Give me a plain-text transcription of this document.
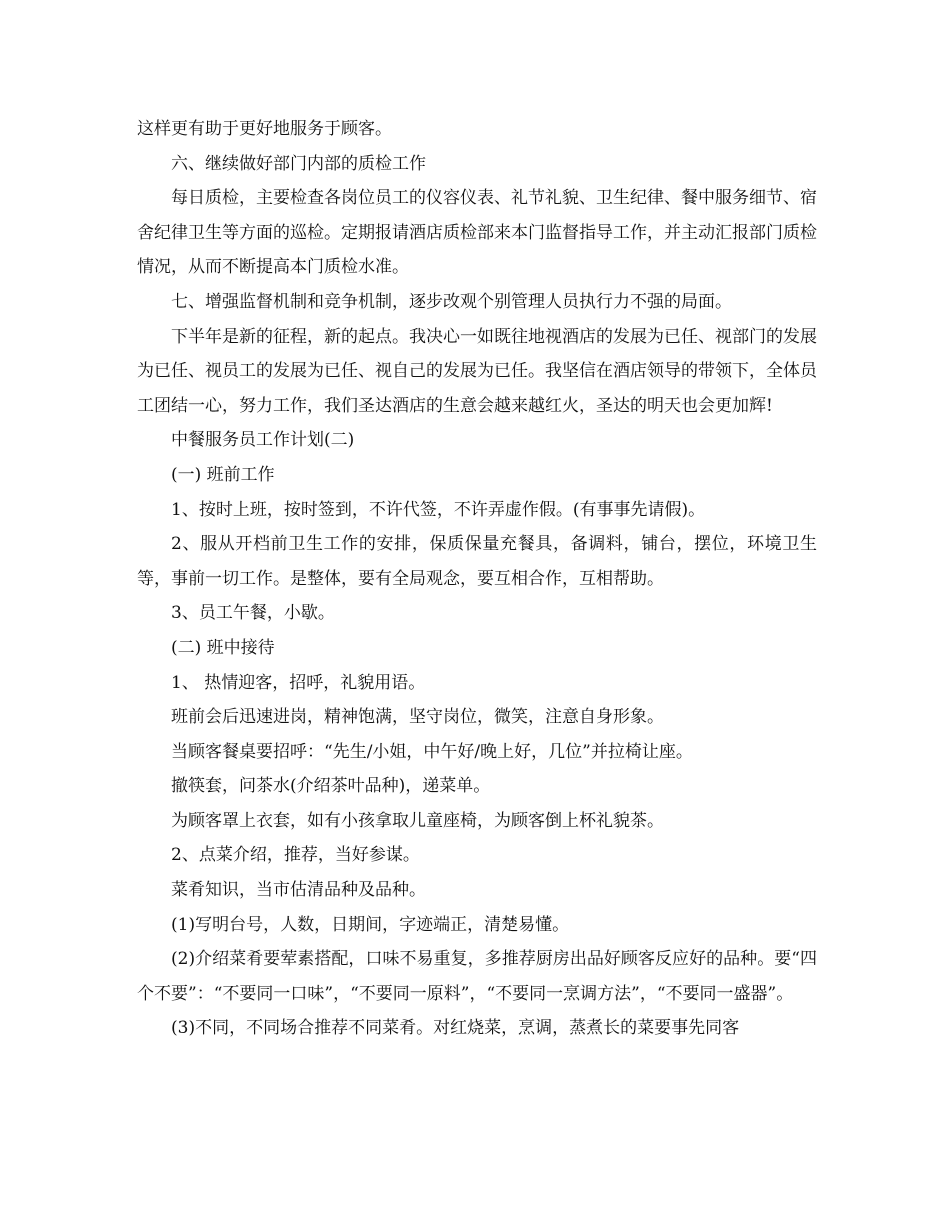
这样更有助于更好地服务于顾客。

六、继续做好部门内部的质检工作

每日质检，主要检查各岗位员工的仪容仪表、礼节礼貌、卫生纪律、餐中服务细节、宿舍纪律卫生等方面的巡检。定期报请酒店质检部来本门监督指导工作，并主动汇报部门质检情况，从而不断提高本门质检水准。

七、增强监督机制和竞争机制，逐步改观个别管理人员执行力不强的局面。

下半年是新的征程，新的起点。我决心一如既往地视酒店的发展为已任、视部门的发展为已任、视员工的发展为已任、视自己的发展为已任。我坚信在酒店领导的带领下，全体员工团结一心，努力工作，我们圣达酒店的生意会越来越红火，圣达的明天也会更加辉!

中餐服务员工作计划(二)

(一) 班前工作

1、按时上班，按时签到，不许代签，不许弄虚作假。(有事事先请假)。

2、服从开档前卫生工作的安排，保质保量充餐具，备调料，铺台，摆位，环境卫生等，事前一切工作。是整体，要有全局观念，要互相合作，互相帮助。

3、员工午餐，小歇。

(二) 班中接待

1、 热情迎客，招呼，礼貌用语。

班前会后迅速进岗，精神饱满，坚守岗位，微笑，注意自身形象。

当顾客餐桌要招呼：“先生/小姐，中午好/晚上好，几位”并拉椅让座。

撤筷套，问茶水(介绍茶叶品种)，递菜单。

为顾客罩上衣套，如有小孩拿取儿童座椅，为顾客倒上杯礼貌茶。

2、点菜介绍，推荐，当好参谋。

菜肴知识，当市估清品种及品种。

(1)写明台号，人数，日期间，字迹端正，清楚易懂。

(2)介绍菜肴要荤素搭配，口味不易重复，多推荐厨房出品好顾客反应好的品种。要“四个不要”：“不要同一口味”，“不要同一原料”，“不要同一烹调方法”，“不要同一盛器”。

(3)不同，不同场合推荐不同菜肴。对红烧菜，烹调，蒸煮长的菜要事先同客
